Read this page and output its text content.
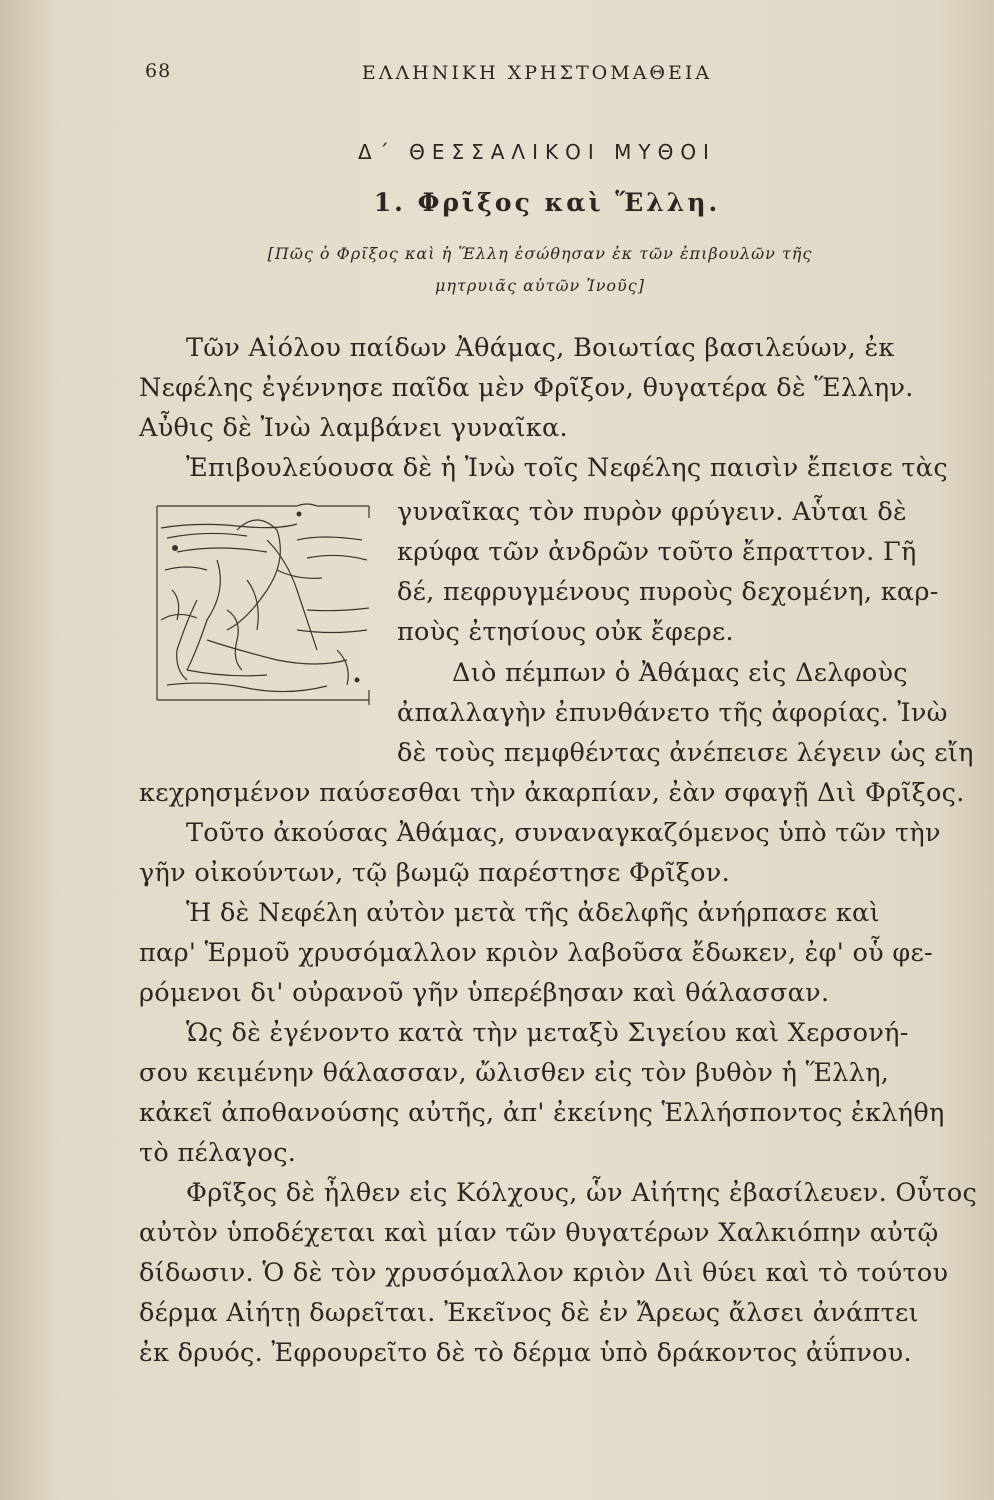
68	ΕΛΛΗΝΙΚΗ ΧΡΗΣΤΟΜΑΘΕΙΑ
Δ΄ ΘΕΣΣΑΛΙΚΟΙ ΜΥΘΟΙ
1. Φρῖξος καὶ Ἕλλη.
[Πῶς ὁ Φρῖξος καὶ ἡ Ἕλλη ἐσώθησαν ἐκ τῶν ἐπιβουλῶν τῆς
μητρυιᾶς αὐτῶν Ἰνοῦς]
Τῶν Αἰόλου παίδων Ἀθάμας, Βοιωτίας βασιλεύων, ἐκ
Νεφέλης ἐγέννησε παῖδα μὲν Φρῖξον, θυγατέρα δὲ Ἕλλην.
Αὖθις δὲ Ἰνὼ λαμβάνει γυναῖκα.
Ἐπιβουλεύουσα δὲ ἡ Ἰνὼ τοῖς Νεφέλης παισὶν ἔπεισε τὰς
γυναῖκας τὸν πυρὸν φρύγειν. Αὗται δὲ
κρύφα τῶν ἀνδρῶν τοῦτο ἔπραττον. Γῆ
δέ, πεφρυγμένους πυροὺς δεχομένη, καρ-
ποὺς ἐτησίους οὐκ ἔφερε.
Διὸ πέμπων ὁ Ἀθάμας εἰς Δελφοὺς
ἀπαλλαγὴν ἐπυνθάνετο τῆς ἀφορίας. Ἰνὼ
δὲ τοὺς πεμφθέντας ἀνέπεισε λέγειν ὡς εἴη
κεχρησμένον παύσεσθαι τὴν ἀκαρπίαν, ἐὰν σφαγῇ Διὶ Φρῖξος.
Τοῦτο ἀκούσας Ἀθάμας, συναναγκαζόμενος ὑπὸ τῶν τὴν
γῆν οἰκούντων, τῷ βωμῷ παρέστησε Φρῖξον.
Ἡ δὲ Νεφέλη αὐτὸν μετὰ τῆς ἀδελφῆς ἀνήρπασε καὶ
παρ' Ἑρμοῦ χρυσόμαλλον κριὸν λαβοῦσα ἔδωκεν, ἐφ' οὗ φε-
ρόμενοι δι' οὐρανοῦ γῆν ὑπερέβησαν καὶ θάλασσαν.
Ὡς δὲ ἐγένοντο κατὰ τὴν μεταξὺ Σιγείου καὶ Χερσονή-
σου κειμένην θάλασσαν, ὤλισθεν εἰς τὸν βυθὸν ἡ Ἕλλη,
κἀκεῖ ἀποθανούσης αὐτῆς, ἀπ' ἐκείνης Ἑλλήσποντος ἐκλήθη
τὸ πέλαγος.
Φρῖξος δὲ ἦλθεν εἰς Κόλχους, ὧν Αἰήτης ἐβασίλευεν. Οὗτος
αὐτὸν ὑποδέχεται καὶ μίαν τῶν θυγατέρων Χαλκιόπην αὐτῷ
δίδωσιν. Ὁ δὲ τὸν χρυσόμαλλον κριὸν Διὶ θύει καὶ τὸ τούτου
δέρμα Αἰήτῃ δωρεῖται. Ἐκεῖνος δὲ ἐν Ἄρεως ἄλσει ἀνάπτει
ἐκ δρυός. Ἐφρουρεῖτο δὲ τὸ δέρμα ὑπὸ δράκοντος ἀΰπνου.
